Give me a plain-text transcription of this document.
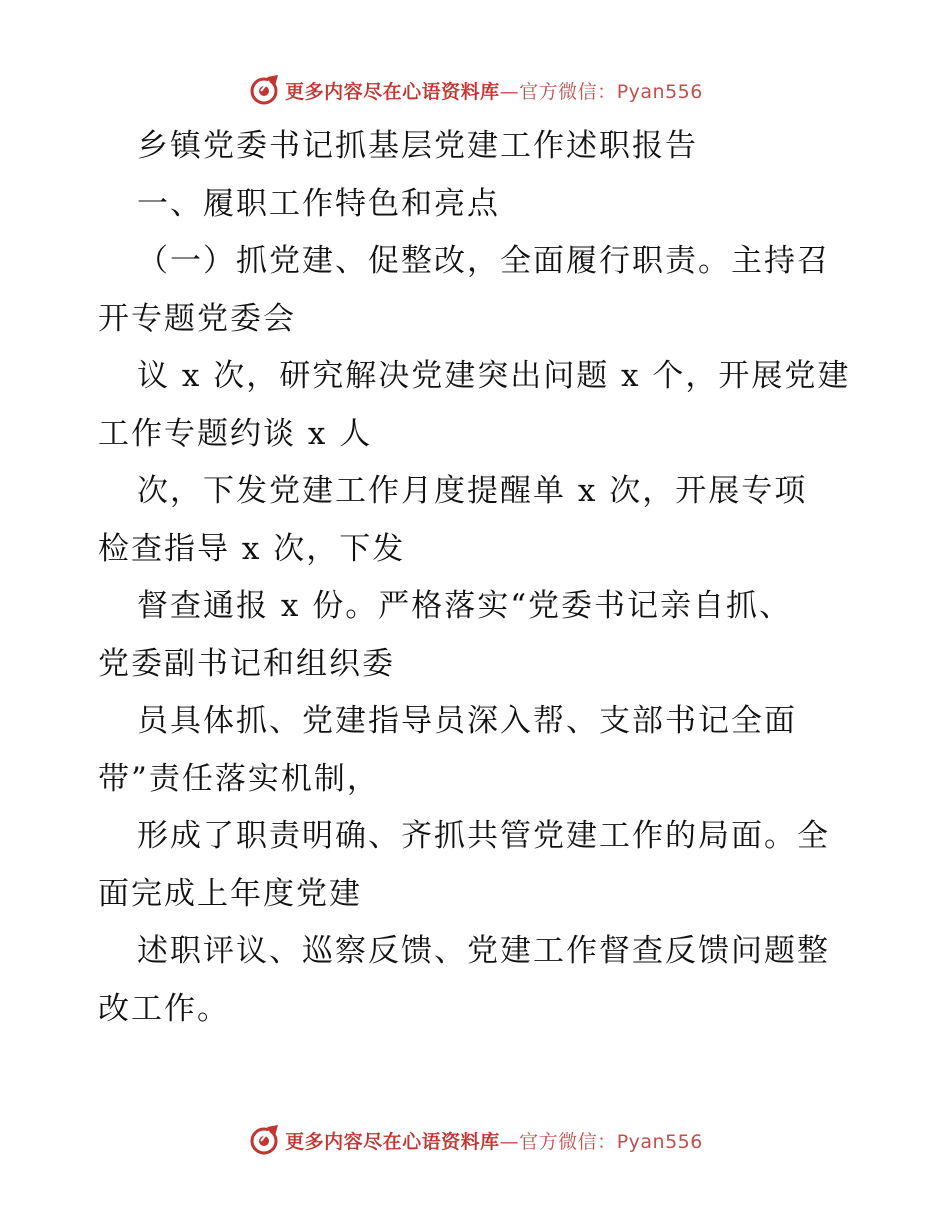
更多内容尽在心语资料库—官方微信：Pyan556
乡镇党委书记抓基层党建工作述职报告
一、履职工作特色和亮点
（一）抓党建、促整改，全面履行职责。主持召
开专题党委会
议 x 次，研究解决党建突出问题 x 个，开展党建
工作专题约谈 x 人
次，下发党建工作月度提醒单 x 次，开展专项
检查指导 x 次，下发
督查通报 x 份。严格落实“党委书记亲自抓、
党委副书记和组织委
员具体抓、党建指导员深入帮、支部书记全面
带”责任落实机制，
形成了职责明确、齐抓共管党建工作的局面。全
面完成上年度党建
述职评议、巡察反馈、党建工作督查反馈问题整
改工作。
更多内容尽在心语资料库—官方微信：Pyan556
